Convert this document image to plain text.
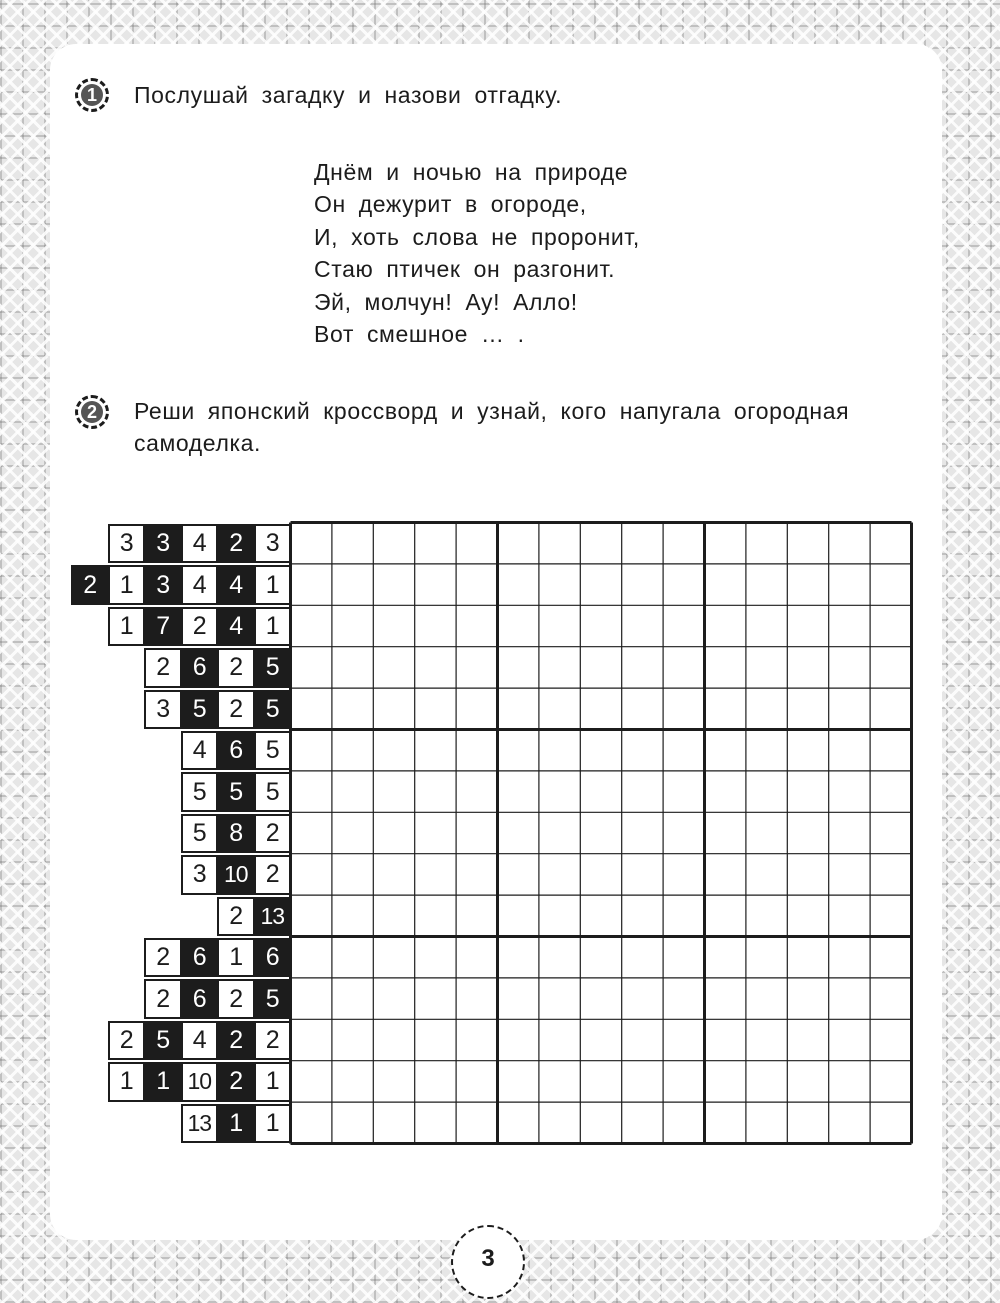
1 Послушай загадку и назови отгадку.
Днём и ночью на природе
Он дежурит в огороде,
И, хоть слова не проронит,
Стаю птичек он разгонит.
Эй, молчун! Ау! Алло!
Вот смешное … .
2 Реши японский кроссворд и узнай, кого напугала огородная
самоделка.
3 3 4 2 3
2 1 3 4 4 1
1 7 2 4 1
2 6 2 5
3 5 2 5
4 6 5
5 5 5
5 8 2
3 10 2
2 13
2 6 1 6
2 6 2 5
2 5 4 2 2
1 1 10 2 1
13 1 1
3
